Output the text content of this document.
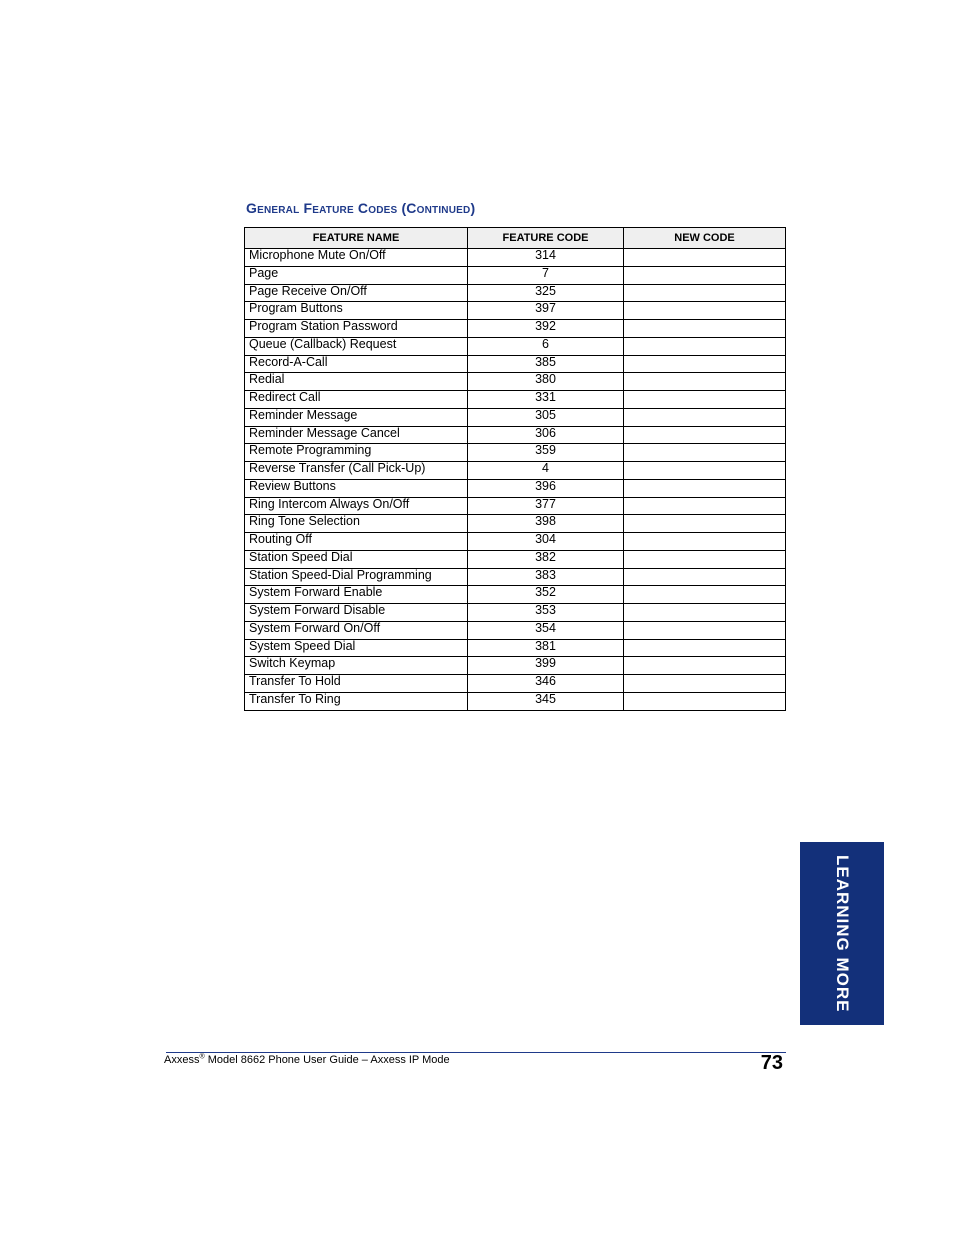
General Feature Codes (Continued)
FEATURE NAME	FEATURE CODE	NEW CODE
Microphone Mute On/Off	314	
Page	7	
Page Receive On/Off	325	
Program Buttons	397	
Program Station Password	392	
Queue (Callback) Request	6	
Record-A-Call	385	
Redial	380	
Redirect Call	331	
Reminder Message	305	
Reminder Message Cancel	306	
Remote Programming	359	
Reverse Transfer (Call Pick-Up)	4	
Review Buttons	396	
Ring Intercom Always On/Off	377	
Ring Tone Selection	398	
Routing Off	304	
Station Speed Dial	382	
Station Speed-Dial Programming	383	
System Forward Enable	352	
System Forward Disable	353	
System Forward On/Off	354	
System Speed Dial	381	
Switch Keymap	399	
Transfer To Hold	346	
Transfer To Ring	345	
LEARNING MORE
Axxess® Model 8662 Phone User Guide – Axxess IP Mode	73
